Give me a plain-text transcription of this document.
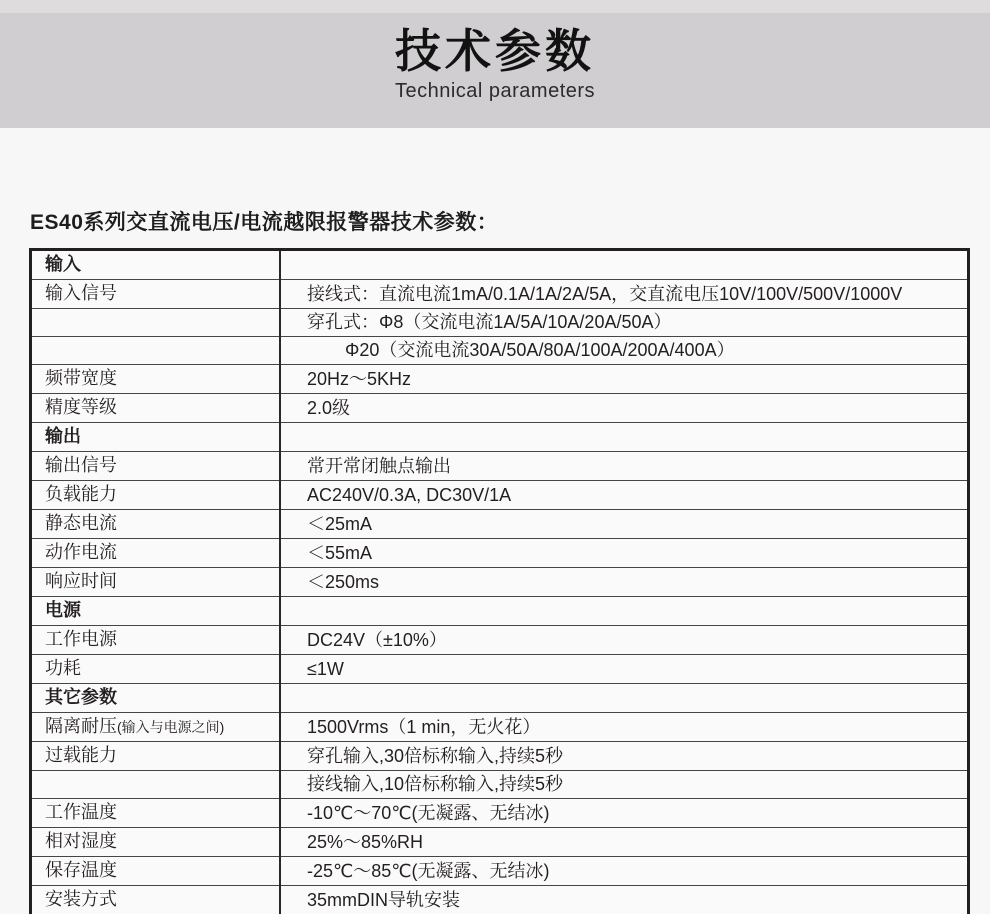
技术参数
Technical parameters
ES40系列交直流电压/电流越限报警器技术参数：
输入	
输入信号	接线式：直流电流1mA/0.1A/1A/2A/5A，交直流电压10V/100V/500V/1000V
	穿孔式：Φ8（交流电流1A/5A/10A/20A/50A）
	Φ20（交流电流30A/50A/80A/100A/200A/400A）
频带宽度	20Hz～5KHz
精度等级	2.0级
输出	
输出信号	常开常闭触点输出
负载能力	AC240V/0.3A, DC30V/1A
静态电流	＜25mA
动作电流	＜55mA
响应时间	＜250ms
电源	
工作电源	DC24V（±10%）
功耗	≤1W
其它参数	
隔离耐压(输入与电源之间)	1500Vrms（1 min，无火花）
过载能力	穿孔输入,30倍标称输入,持续5秒
	接线输入,10倍标称输入,持续5秒
工作温度	-10℃～70℃(无凝露、无结冰)
相对湿度	25%～85%RH
保存温度	-25℃～85℃(无凝露、无结冰)
安装方式	35mmDIN导轨安装
